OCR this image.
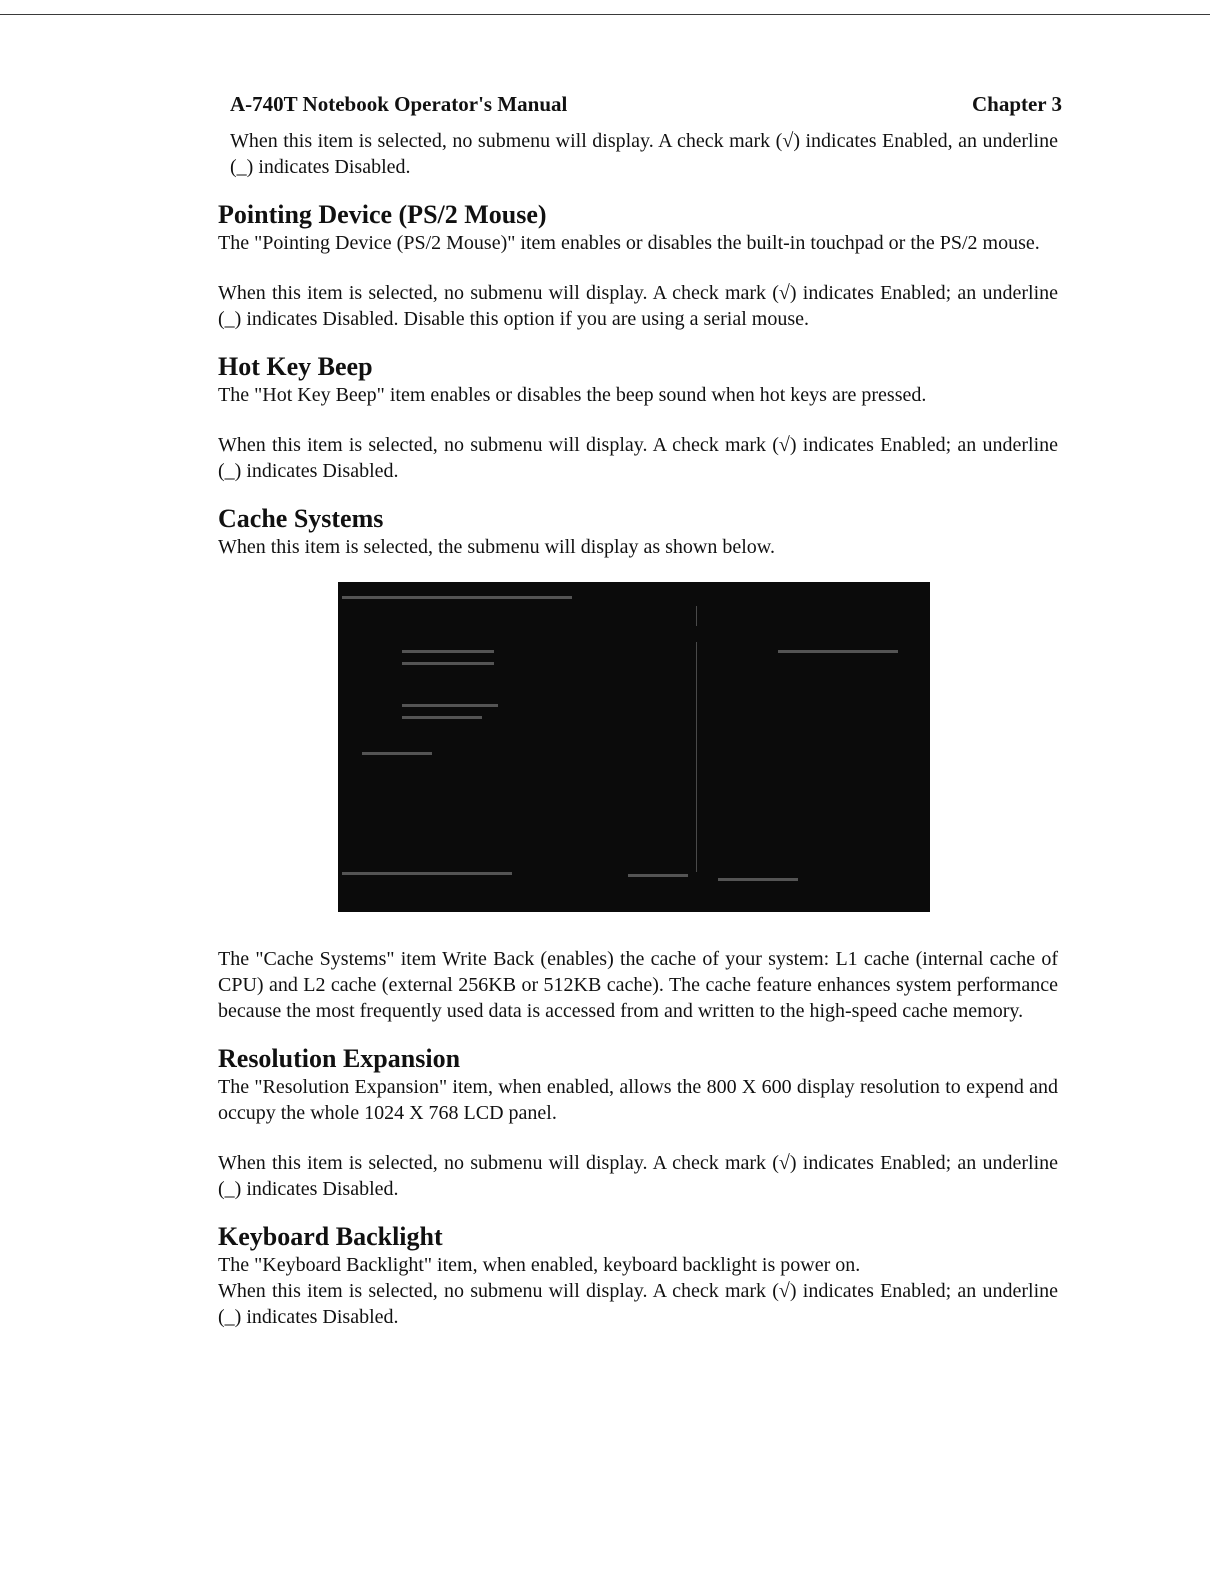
A-740T Notebook Operator's Manual	Chapter 3

When this item is selected, no submenu will display. A check mark (√) indicates Enabled, an underline (_) indicates Disabled.

Pointing Device (PS/2 Mouse)

The "Pointing Device (PS/2 Mouse)" item enables or disables the built-in touchpad or the PS/2 mouse.

When this item is selected, no submenu will display. A check mark (√) indicates Enabled; an underline (_) indicates Disabled. Disable this option if you are using a serial mouse.

Hot Key Beep

The "Hot Key Beep" item enables or disables the beep sound when hot keys are pressed.

When this item is selected, no submenu will display. A check mark (√) indicates Enabled; an underline (_) indicates Disabled.

Cache Systems

When this item is selected, the submenu will display as shown below.

The "Cache Systems" item Write Back (enables) the cache of your system: L1 cache (internal cache of CPU) and L2 cache (external 256KB or 512KB cache). The cache feature enhances system performance because the most frequently used data is accessed from and written to the high-speed cache memory.

Resolution Expansion

The "Resolution Expansion" item, when enabled, allows the 800 X 600 display resolution to expend and occupy the whole 1024 X 768 LCD panel.

When this item is selected, no submenu will display. A check mark (√) indicates Enabled; an underline (_) indicates Disabled.

Keyboard Backlight

The "Keyboard Backlight" item, when enabled, keyboard backlight is power on.

When this item is selected, no submenu will display. A check mark (√) indicates Enabled; an underline (_) indicates Disabled.
